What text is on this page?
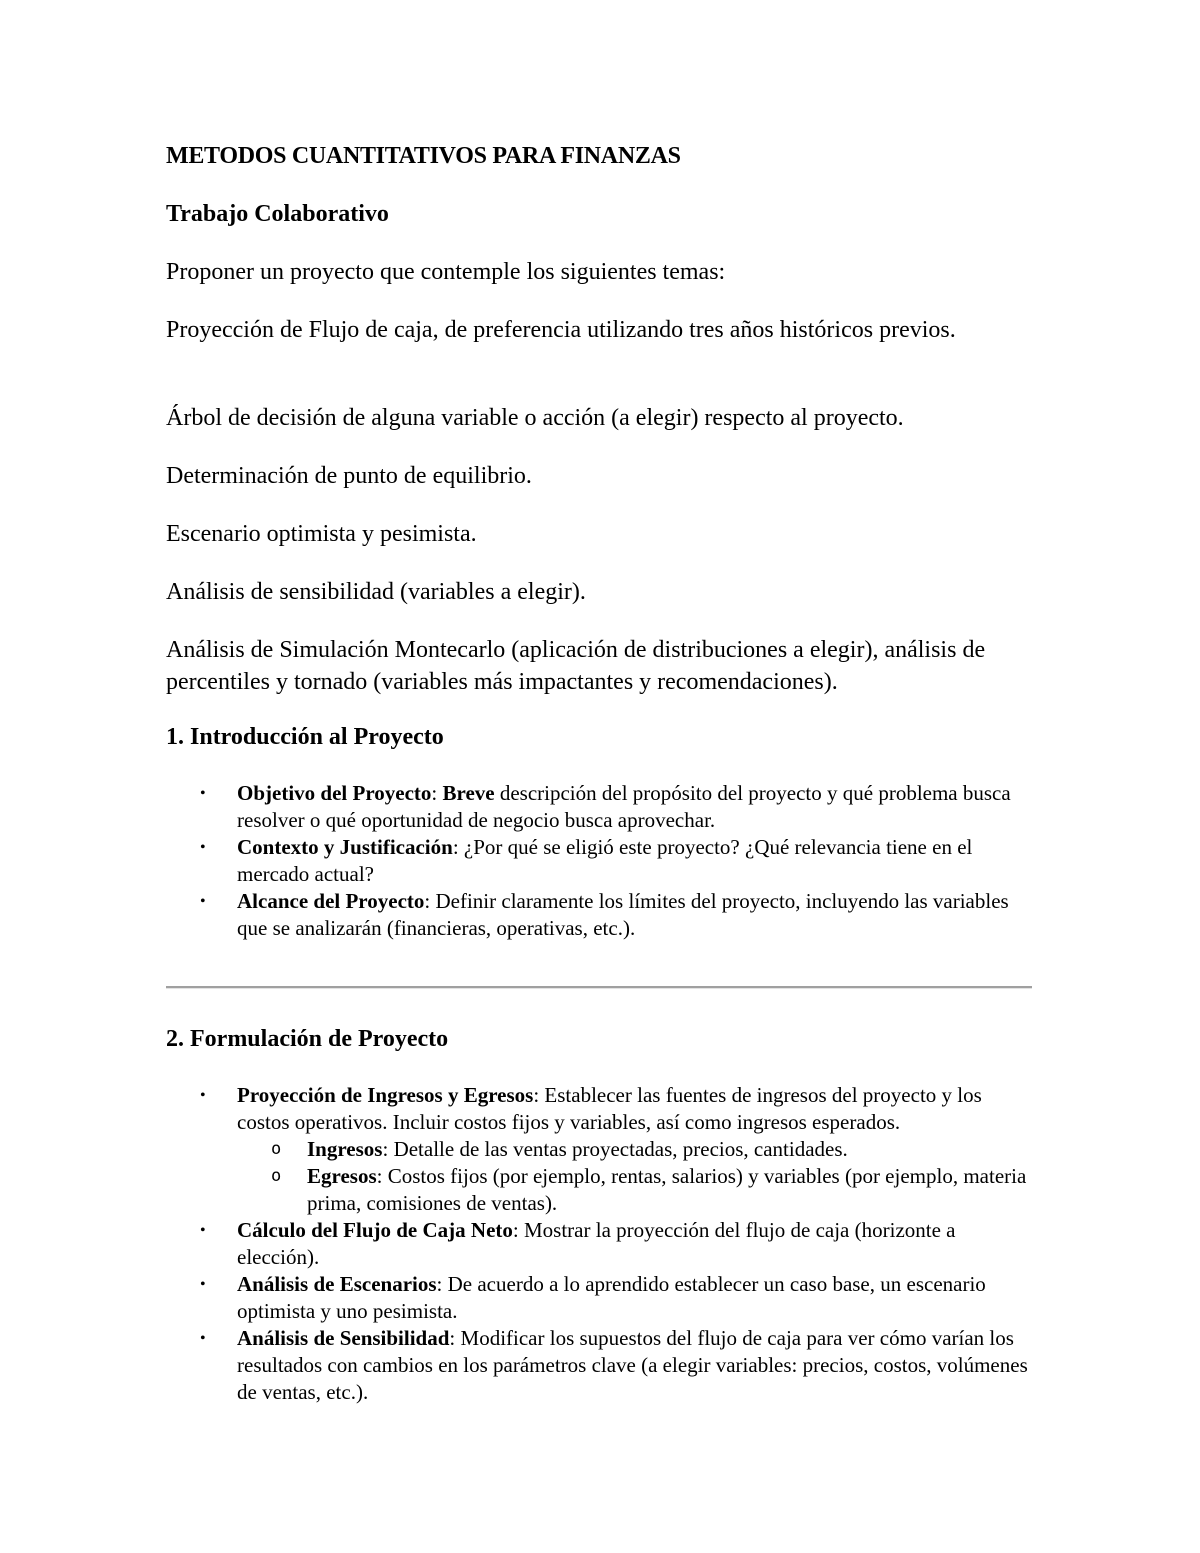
METODOS CUANTITATIVOS PARA FINANZAS

Trabajo Colaborativo

Proponer un proyecto que contemple los siguientes temas:

Proyección de Flujo de caja, de preferencia utilizando tres años históricos previos.

Árbol de decisión de alguna variable o acción (a elegir) respecto al proyecto.

Determinación de punto de equilibrio.

Escenario optimista y pesimista.

Análisis de sensibilidad (variables a elegir).

Análisis de Simulación Montecarlo (aplicación de distribuciones a elegir), análisis de percentiles y tornado (variables más impactantes y recomendaciones).

1. Introducción al Proyecto

• Objetivo del Proyecto: Breve descripción del propósito del proyecto y qué problema busca resolver o qué oportunidad de negocio busca aprovechar.
• Contexto y Justificación: ¿Por qué se eligió este proyecto? ¿Qué relevancia tiene en el mercado actual?
• Alcance del Proyecto: Definir claramente los límites del proyecto, incluyendo las variables que se analizarán (financieras, operativas, etc.).

2. Formulación de Proyecto

• Proyección de Ingresos y Egresos: Establecer las fuentes de ingresos del proyecto y los costos operativos. Incluir costos fijos y variables, así como ingresos esperados.
o Ingresos: Detalle de las ventas proyectadas, precios, cantidades.
o Egresos: Costos fijos (por ejemplo, rentas, salarios) y variables (por ejemplo, materia prima, comisiones de ventas).
• Cálculo del Flujo de Caja Neto: Mostrar la proyección del flujo de caja (horizonte a elección).
• Análisis de Escenarios: De acuerdo a lo aprendido establecer un caso base, un escenario optimista y uno pesimista.
• Análisis de Sensibilidad: Modificar los supuestos del flujo de caja para ver cómo varían los resultados con cambios en los parámetros clave (a elegir variables: precios, costos, volúmenes de ventas, etc.).
